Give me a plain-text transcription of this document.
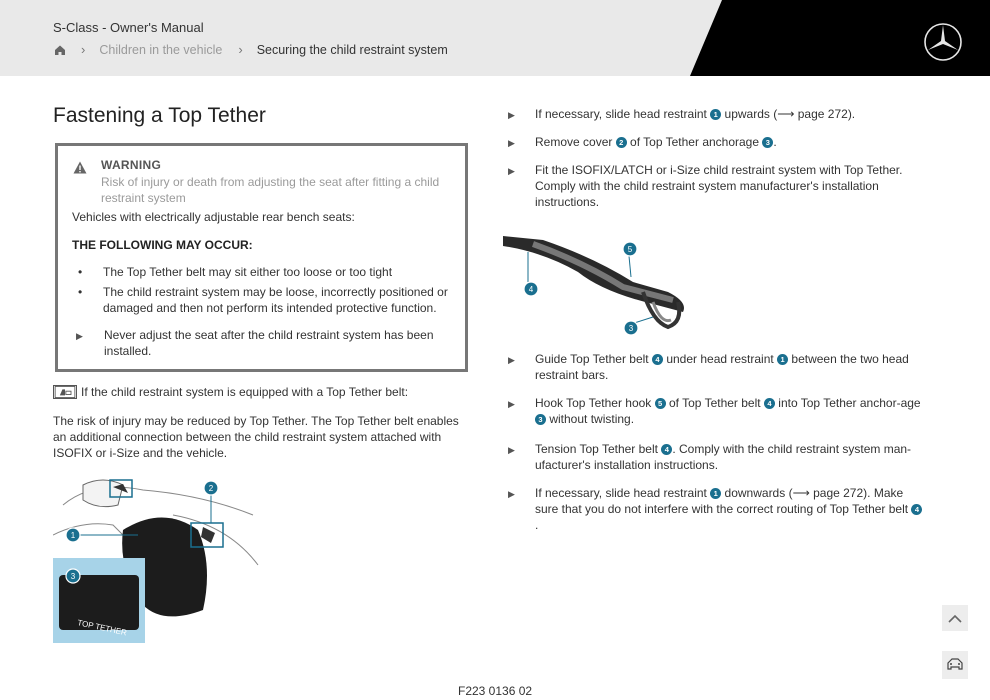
S-Class - Owner's Manual
› Children in the vehicle › Securing the child restraint system
Fastening a Top Tether
WARNING
Risk of injury or death from adjusting the seat after fitting a child restraint system
Vehicles with electrically adjustable rear bench seats:
THE FOLLOWING MAY OCCUR:
• The Top Tether belt may sit either too loose or too tight
• The child restraint system may be loose, incorrectly positioned or damaged and then not perform its intended protective function.
▶ Never adjust the seat after the child restraint system has been installed.
If the child restraint system is equipped with a Top Tether belt:
The risk of injury may be reduced by Top Tether. The Top Tether belt enables an additional connection between the child restraint system attached with ISOFIX or i-Size and the vehicle.
TOP TETHER
1
2
3
▶ If necessary, slide head restraint 1 upwards (⟶ page 272).
▶ Remove cover 2 of Top Tether anchorage 3 .
▶ Fit the ISOFIX/LATCH or i-Size child restraint system with Top Tether. Comply with the child restraint system manufacturer's installation instructions.
5
4
3
▶ Guide Top Tether belt 4 under head restraint 1 between the two head restraint bars.
▶ Hook Top Tether hook 5 of Top Tether belt 4 into Top Tether anchor-age 3 without twisting.
▶ Tension Top Tether belt 4 . Comply with the child restraint system man-ufacturer's installation instructions.
▶ If necessary, slide head restraint 1 downwards (⟶ page 272). Make sure that you do not interfere with the correct routing of Top Tether belt 4.
F223 0136 02
